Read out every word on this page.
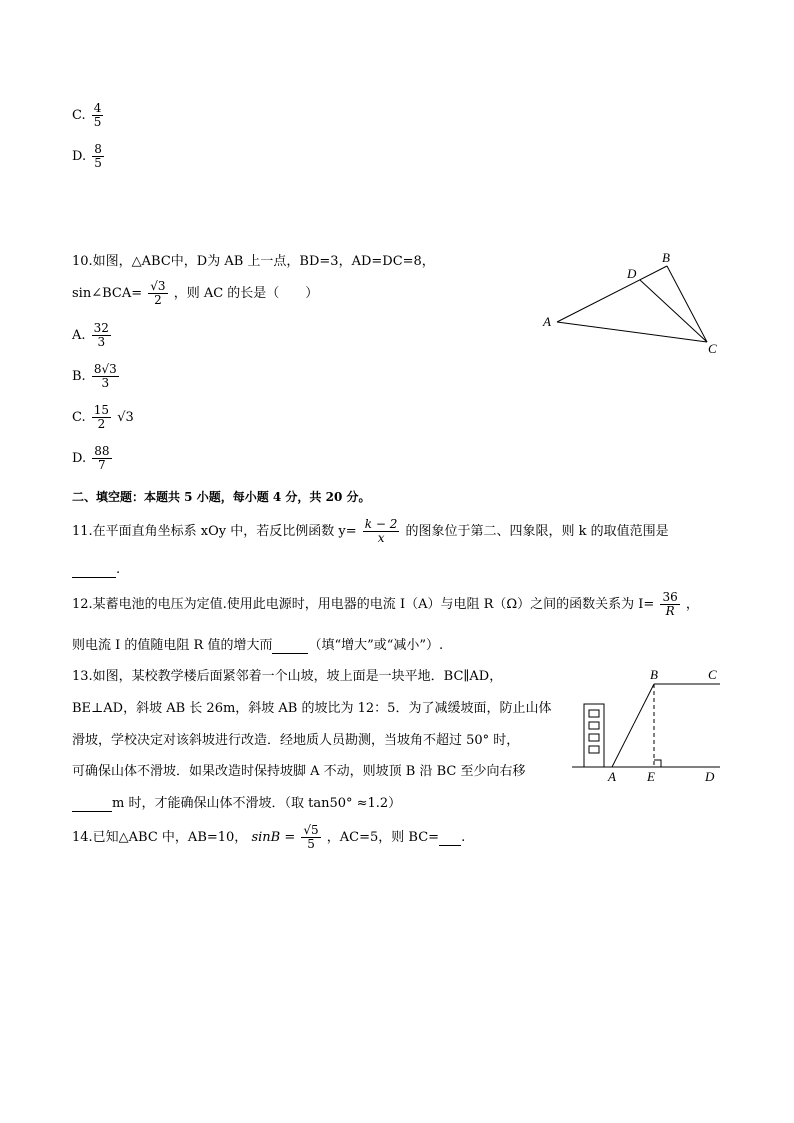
C. $\frac{4}{5}$
D. $\frac{8}{5}$
10.如图，△ABC中，D为 AB 上一点，BD=3，AD=DC=8，
sin∠BCA= $\frac{√3}{2}$ ，则 AC 的长是（　　）
A. $\frac{32}{3}$
B. $\frac{8√3}{3}$
C. $\frac{15}{2} √3$
D. $\frac{88}{7}$
A
B
C
D
二、填空题：本题共 5 小题，每小题 4 分，共 20 分。
11.在平面直角坐标系 xOy 中，若反比例函数 $y= \frac{k - 2}{x}$ 的图象位于第二、四象限，则 k 的取值范围是
.
12.某蓄电池的电压为定值.使用此电源时，用电器的电流 I（A）与电阻 R（Ω）之间的函数关系为 $I= \frac{36}{R}$ ，
则电流 I 的值随电阻 R 值的增大而	（填“增大”或“减小”）.
13.如图，某校教学楼后面紧邻着一个山坡，坡上面是一块平地．BC∥AD，
BE⊥AD，斜坡 AB 长 26m，斜坡 AB 的坡比为 12：5．为了减缓坡面，防止山体
滑坡，学校决定对该斜坡进行改造．经地质人员勘测，当坡角不超过 50° 时，
可确保山体不滑坡．如果改造时保持坡脚 A 不动，则坡顶 B 沿 BC 至少向右移
m 时，才能确保山体不滑坡．（取 tan50° ≈1.2）
A
B	C
D
E
14.已知△ABC 中，AB=10， $\sin B = \frac{√5}{5}$ ，AC=5，则 BC= .
